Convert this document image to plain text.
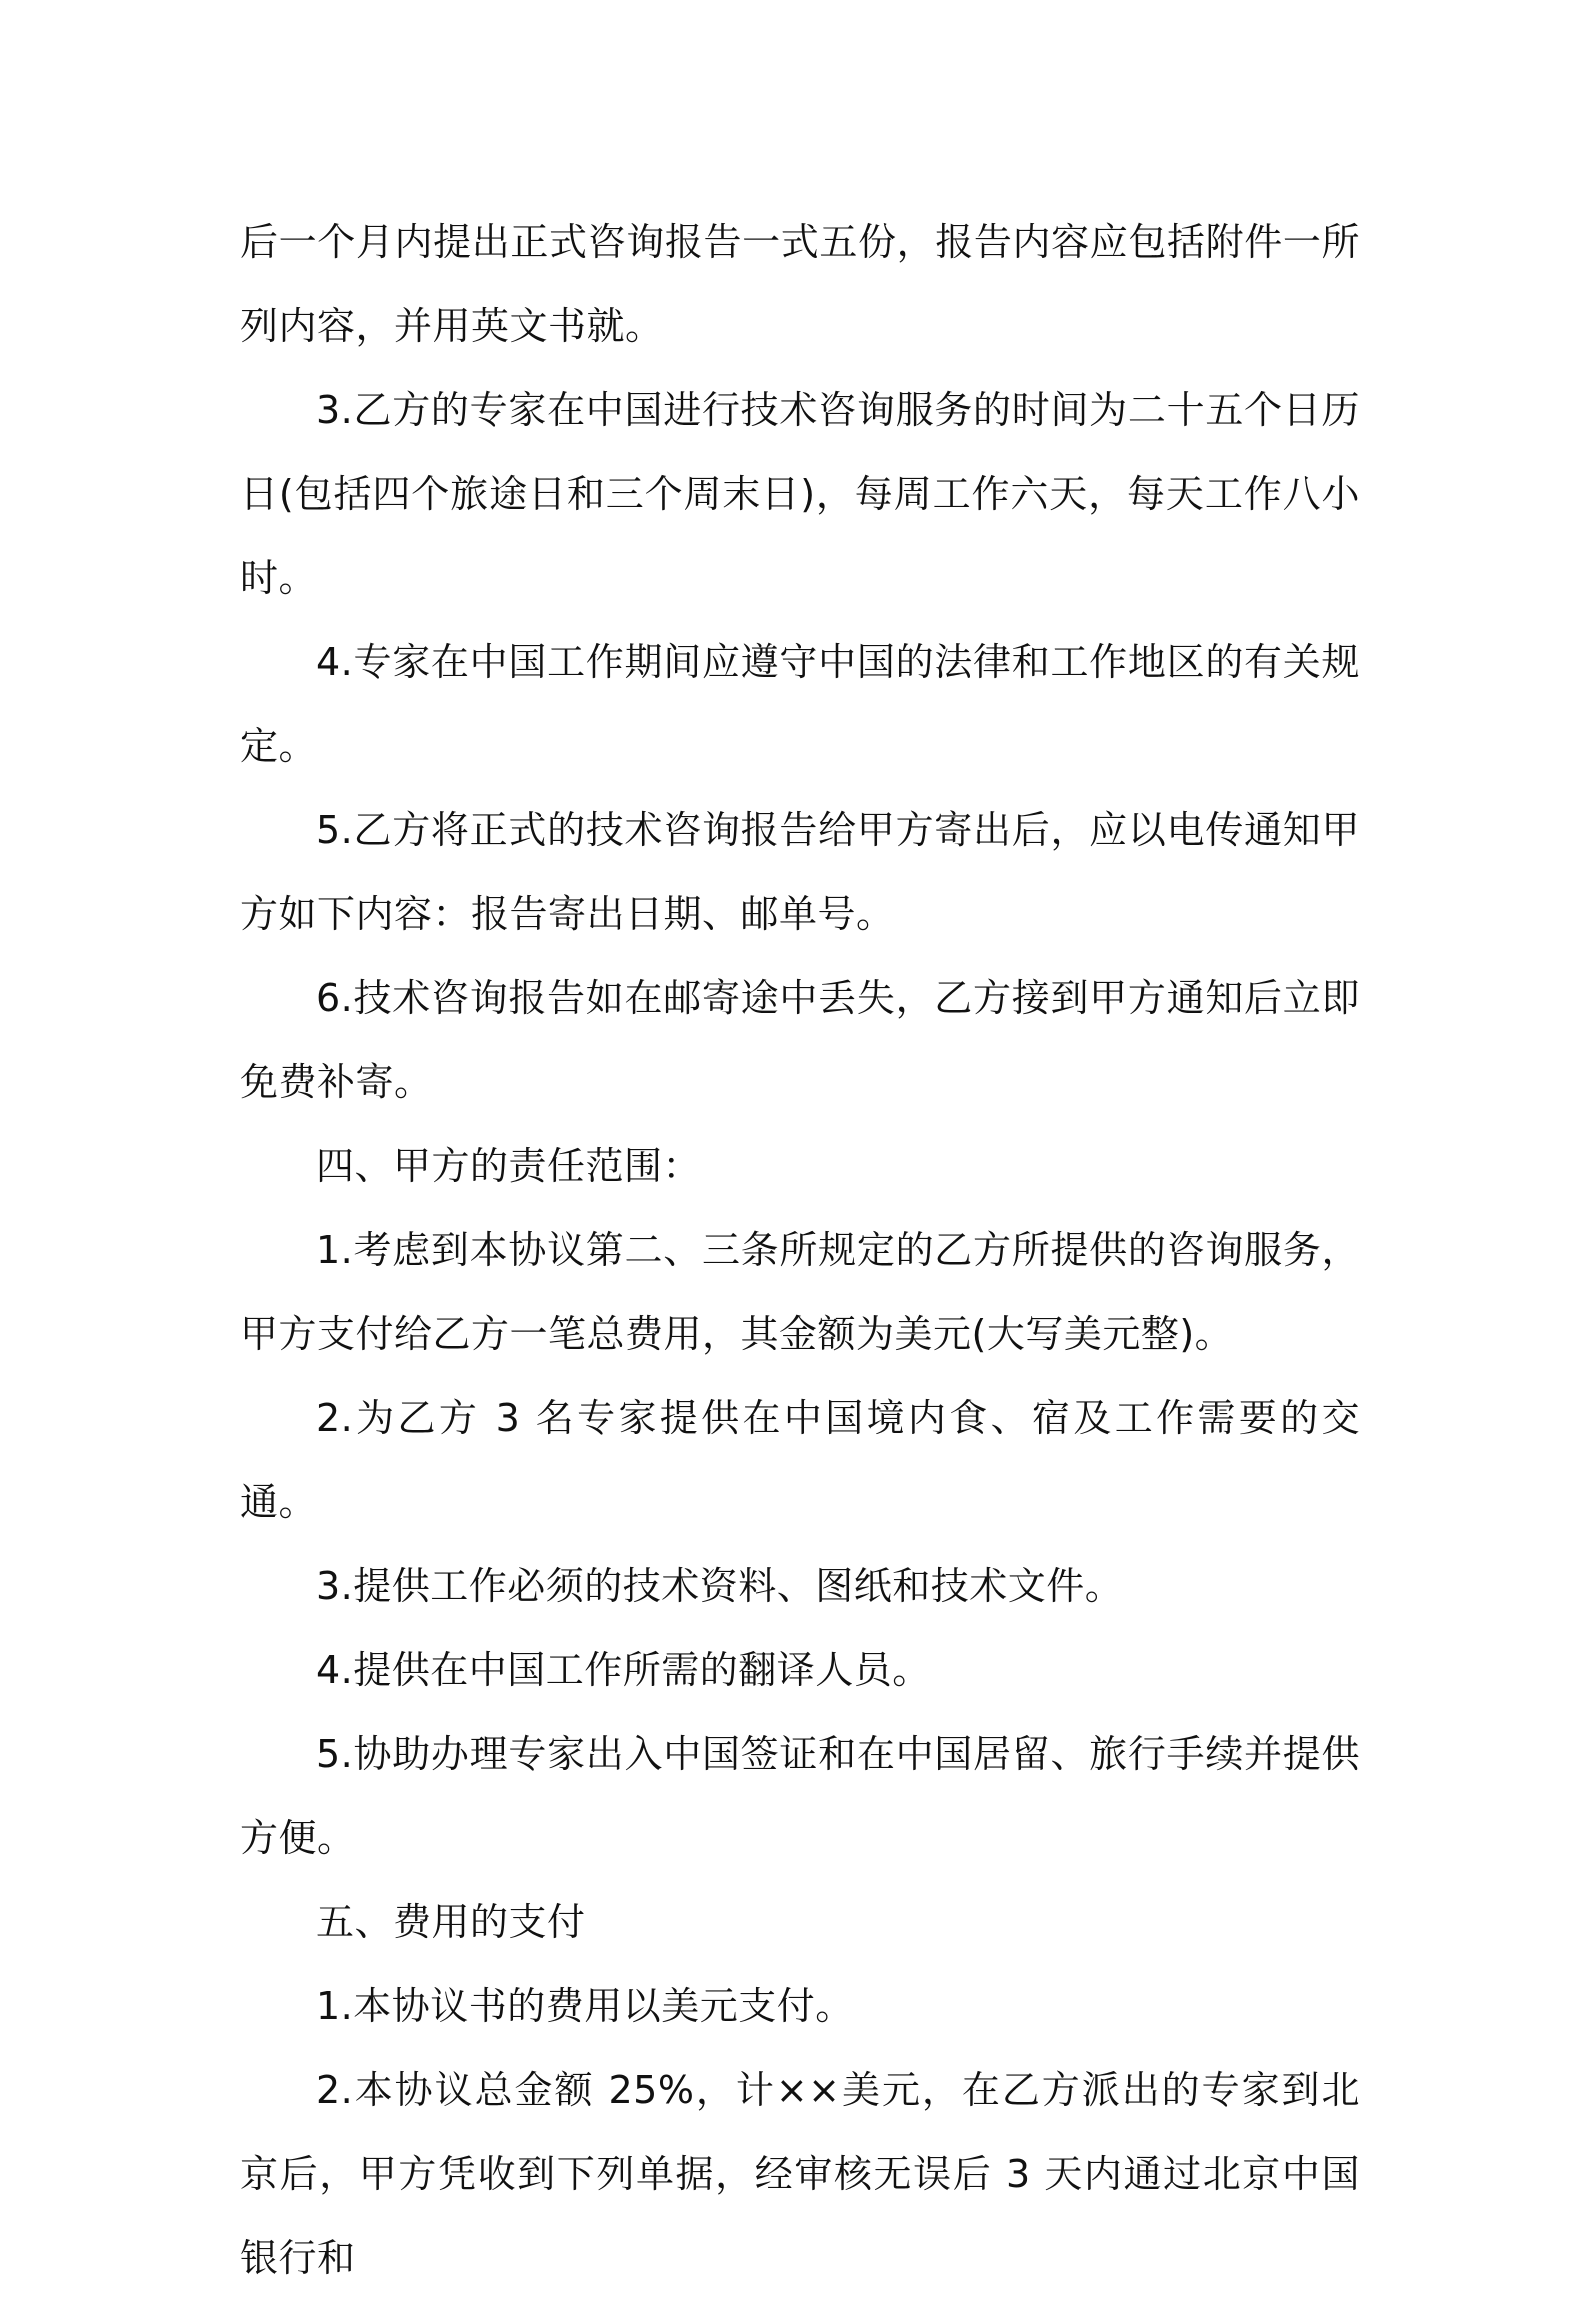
后一个月内提出正式咨询报告一式五份，报告内容应包括附件一所列内容，并用英文书就。

3.乙方的专家在中国进行技术咨询服务的时间为二十五个日历日(包括四个旅途日和三个周末日)，每周工作六天，每天工作八小时。

4.专家在中国工作期间应遵守中国的法律和工作地区的有关规定。

5.乙方将正式的技术咨询报告给甲方寄出后，应以电传通知甲方如下内容：报告寄出日期、邮单号。

6.技术咨询报告如在邮寄途中丢失，乙方接到甲方通知后立即免费补寄。

四、甲方的责任范围：

1.考虑到本协议第二、三条所规定的乙方所提供的咨询服务，甲方支付给乙方一笔总费用，其金额为美元(大写美元整)。

2.为乙方 3 名专家提供在中国境内食、宿及工作需要的交通。

3.提供工作必须的技术资料、图纸和技术文件。

4.提供在中国工作所需的翻译人员。

5.协助办理专家出入中国签证和在中国居留、旅行手续并提供方便。

五、费用的支付

1.本协议书的费用以美元支付。

2.本协议总金额 25%，计××美元，在乙方派出的专家到北京后，甲方凭收到下列单据，经审核无误后 3 天内通过北京中国银行和
